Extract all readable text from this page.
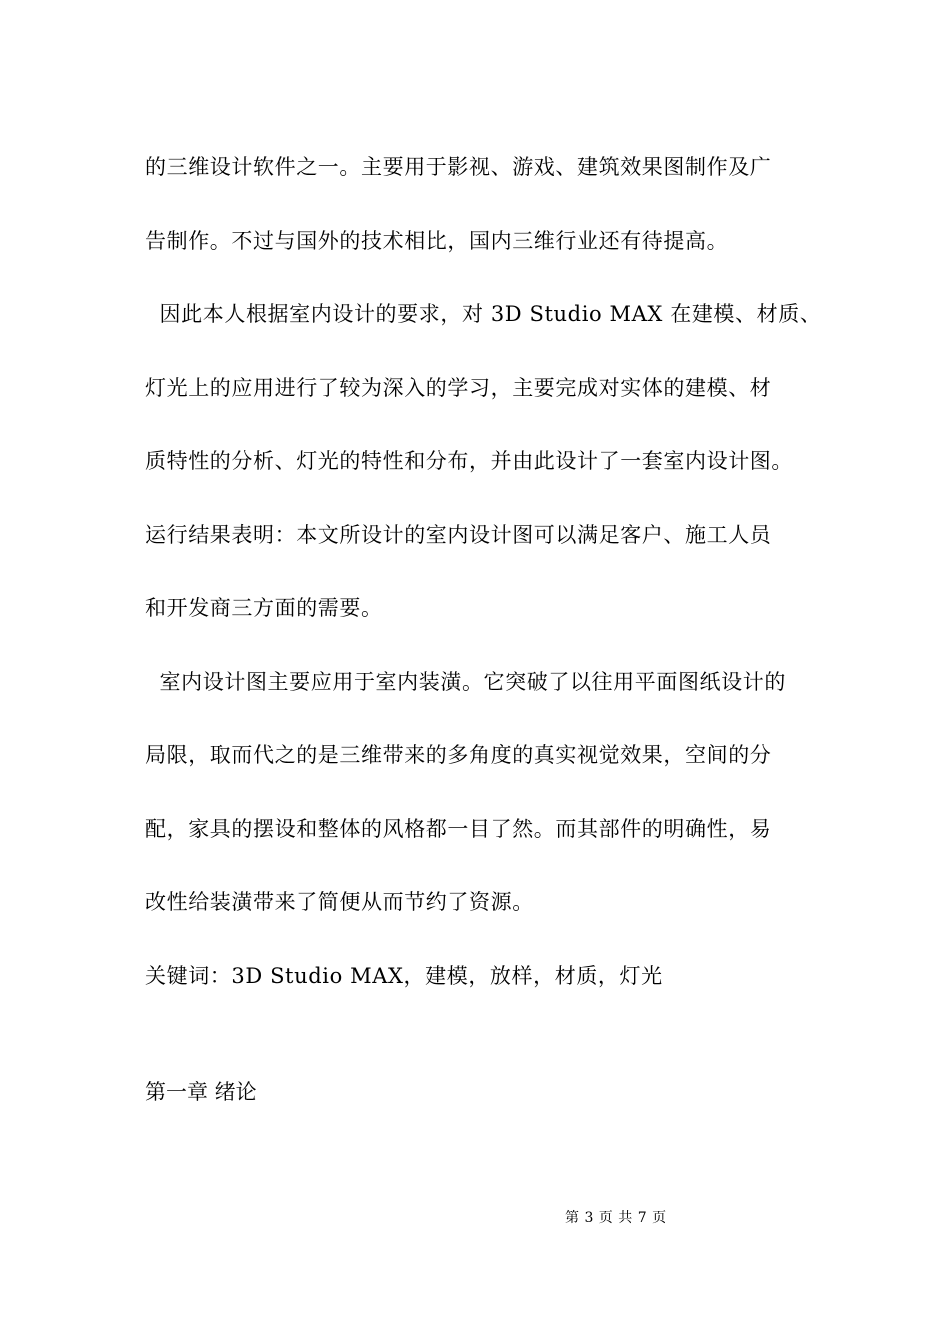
的三维设计软件之一。主要用于影视、游戏、建筑效果图制作及广
告制作。不过与国外的技术相比，国内三维行业还有待提高。
因此本人根据室内设计的要求，对 3D Studio MAX 在建模、材质、
灯光上的应用进行了较为深入的学习，主要完成对实体的建模、材
质特性的分析、灯光的特性和分布，并由此设计了一套室内设计图。
运行结果表明：本文所设计的室内设计图可以满足客户、施工人员
和开发商三方面的需要。
室内设计图主要应用于室内装潢。它突破了以往用平面图纸设计的
局限，取而代之的是三维带来的多角度的真实视觉效果，空间的分
配，家具的摆设和整体的风格都一目了然。而其部件的明确性，易
改性给装潢带来了简便从而节约了资源。
关键词：3D Studio MAX，建模，放样，材质，灯光
第一章 绪论
第 3 页 共 7 页
